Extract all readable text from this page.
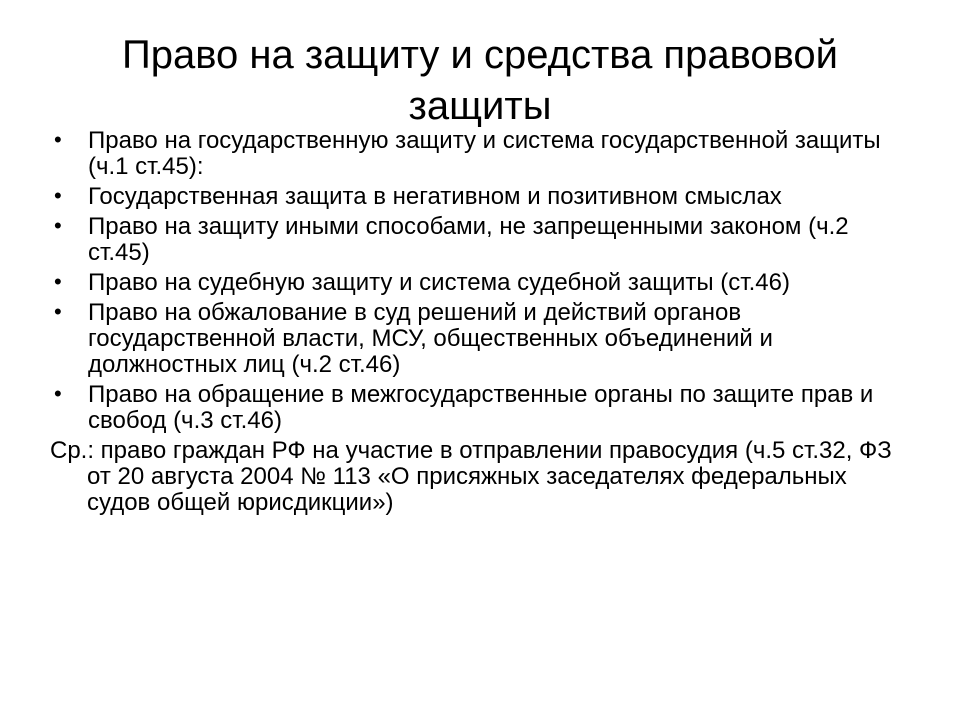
Право на защиту и средства правовой защиты
• Право на государственную защиту и система государственной защиты (ч.1 ст.45):
• Государственная защита в негативном и позитивном смыслах
• Право на защиту иными способами, не запрещенными законом (ч.2 ст.45)
• Право на судебную защиту и система судебной защиты (ст.46)
• Право на обжалование в суд решений и действий органов государственной власти, МСУ, общественных объединений и должностных лиц (ч.2 ст.46)
• Право на обращение в межгосударственные органы по защите прав и свобод (ч.3 ст.46)

Ср.: право граждан РФ на участие в отправлении правосудия (ч.5 ст.32, ФЗ от 20 августа 2004 № 113 «О присяжных заседателях федеральных судов общей юрисдикции»)
